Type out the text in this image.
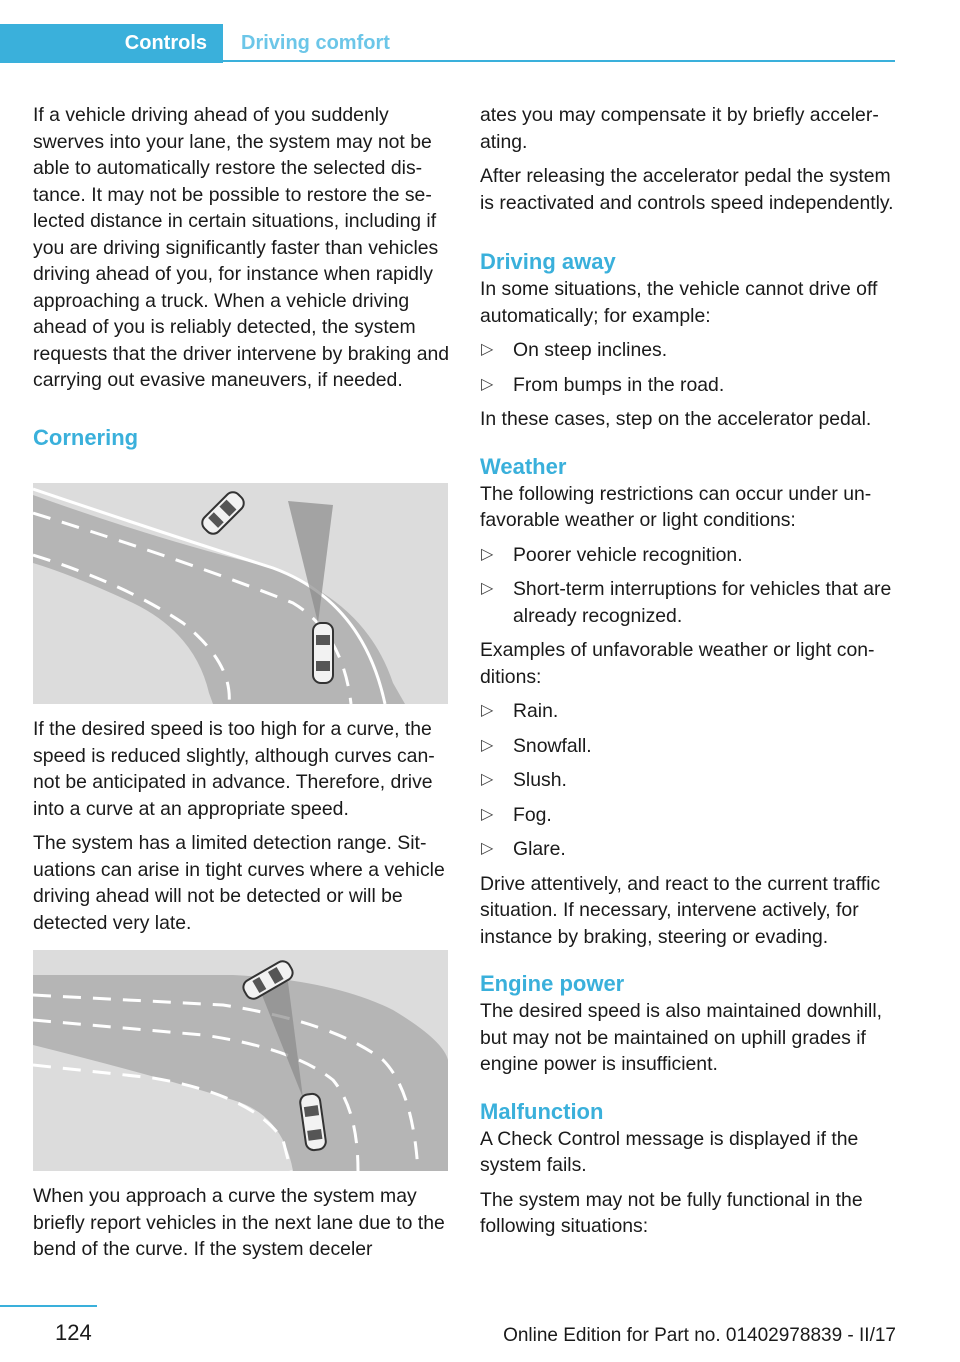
Controls Driving comfort

If a vehicle driving ahead of you suddenly swerves into your lane, the system may not be able to automatically restore the selected distance. It may not be possible to restore the selected distance in certain situations, including if you are driving significantly faster than vehicles driving ahead of you, for instance when rapidly approaching a truck. When a vehicle driving ahead of you is reliably detected, the system requests that the driver intervene by braking and carrying out evasive maneuvers, if needed.

Cornering

If the desired speed is too high for a curve, the speed is reduced slightly, although curves cannot be anticipated in advance. Therefore, drive into a curve at an appropriate speed.

The system has a limited detection range. Situations can arise in tight curves where a vehicle driving ahead will not be detected or will be detected very late.

When you approach a curve the system may briefly report vehicles in the next lane due to the bend of the curve. If the system deceler

ates you may compensate it by briefly accelerating.

After releasing the accelerator pedal the system is reactivated and controls speed independently.

Driving away

In some situations, the vehicle cannot drive off automatically; for example:

▷ On steep inclines.
▷ From bumps in the road.

In these cases, step on the accelerator pedal.

Weather

The following restrictions can occur under unfavorable weather or light conditions:

▷ Poorer vehicle recognition.
▷ Short-term interruptions for vehicles that are already recognized.

Examples of unfavorable weather or light conditions:

▷ Rain.
▷ Snowfall.
▷ Slush.
▷ Fog.
▷ Glare.

Drive attentively, and react to the current traffic situation. If necessary, intervene actively, for instance by braking, steering or evading.

Engine power

The desired speed is also maintained downhill, but may not be maintained on uphill grades if engine power is insufficient.

Malfunction

A Check Control message is displayed if the system fails.

The system may not be fully functional in the following situations:

124	Online Edition for Part no. 01402978839 - II/17
